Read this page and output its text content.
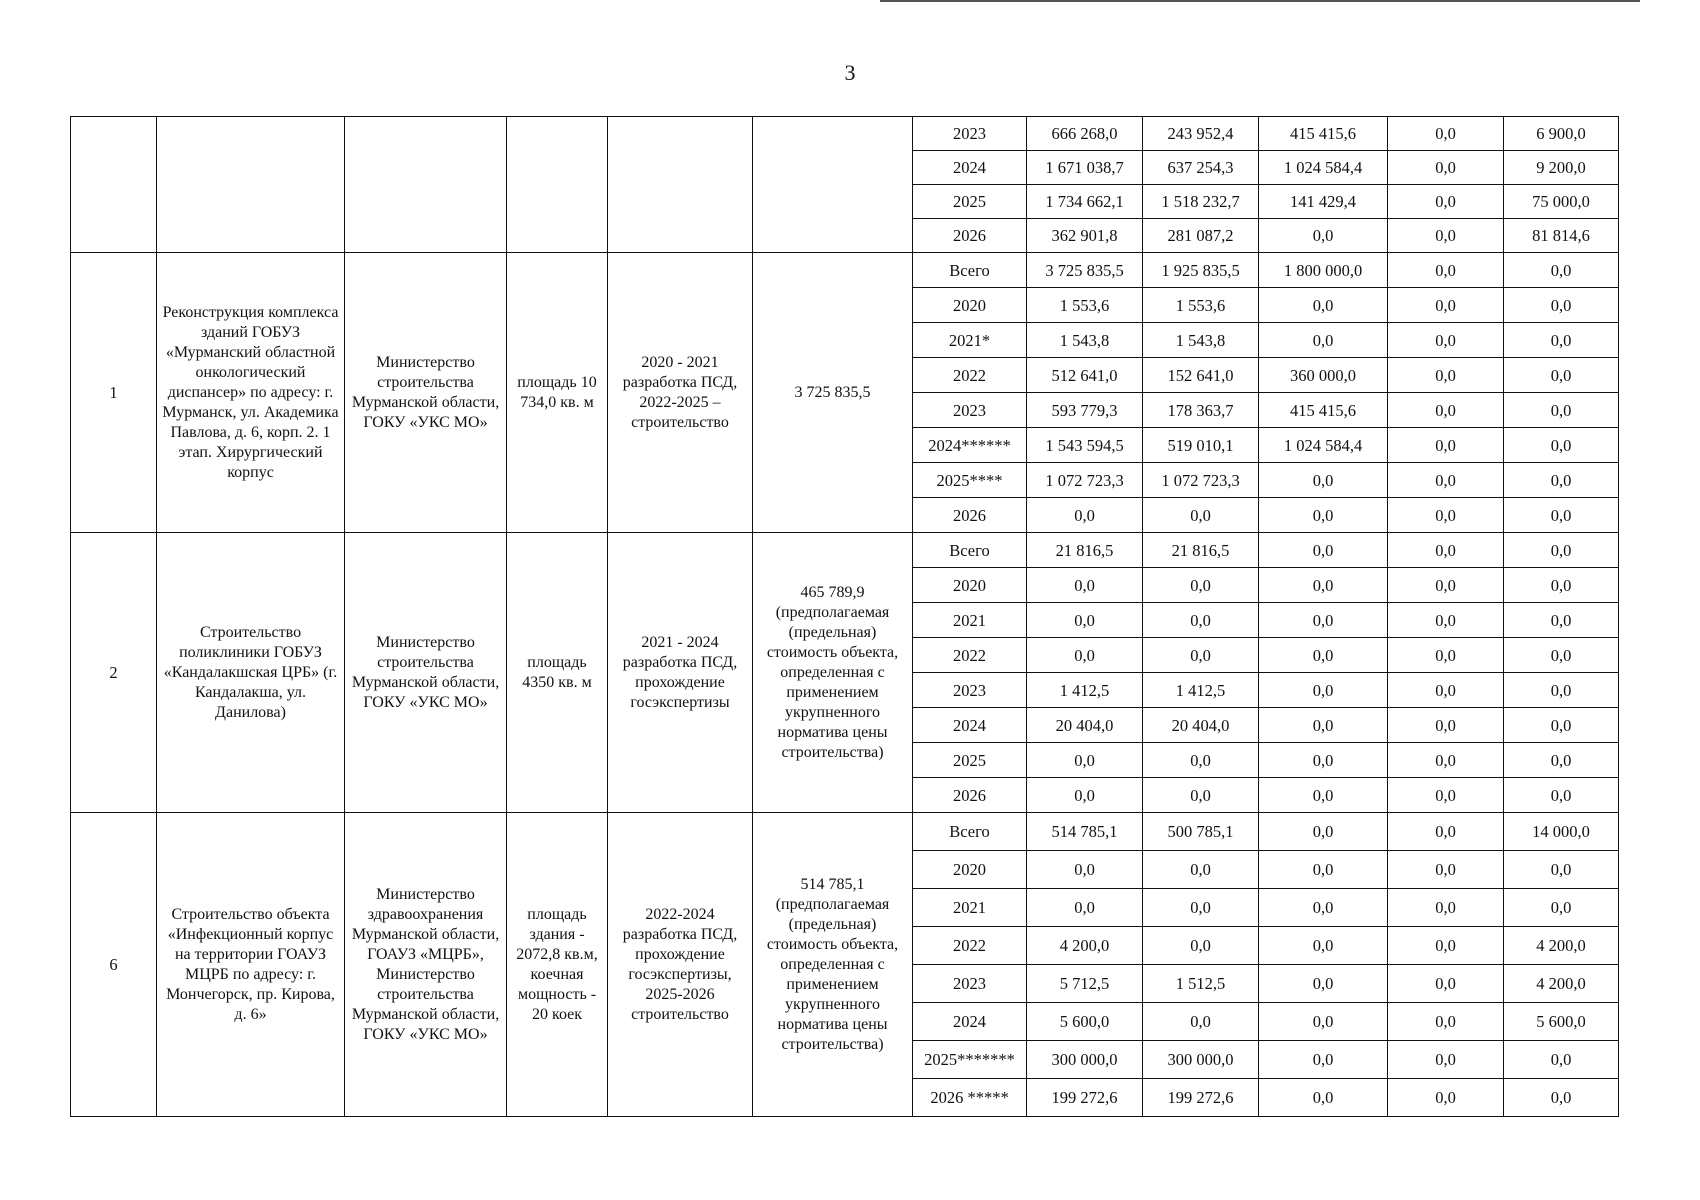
3
						2023	666 268,0	243 952,4	415 415,6	0,0	6 900,0
						2024	1 671 038,7	637 254,3	1 024 584,4	0,0	9 200,0
						2025	1 734 662,1	1 518 232,7	141 429,4	0,0	75 000,0
						2026	362 901,8	281 087,2	0,0	0,0	81 814,6
1	Реконструкция комплекса зданий ГОБУЗ «Мурманский областной онкологический диспансер» по адресу: г. Мурманск, ул. Академика Павлова, д. 6, корп. 2. 1 этап. Хирургический корпус	Министерство строительства Мурманской области, ГОКУ «УКС МО»	площадь 10 734,0 кв. м	2020 - 2021 разработка ПСД, 2022-2025 – строительство	3 725 835,5	Всего	3 725 835,5	1 925 835,5	1 800 000,0	0,0	0,0
						2020	1 553,6	1 553,6	0,0	0,0	0,0
						2021*	1 543,8	1 543,8	0,0	0,0	0,0
						2022	512 641,0	152 641,0	360 000,0	0,0	0,0
						2023	593 779,3	178 363,7	415 415,6	0,0	0,0
						2024******	1 543 594,5	519 010,1	1 024 584,4	0,0	0,0
						2025****	1 072 723,3	1 072 723,3	0,0	0,0	0,0
						2026	0,0	0,0	0,0	0,0	0,0
2	Строительство поликлиники ГОБУЗ «Кандалакшская ЦРБ» (г. Кандалакша, ул. Данилова)	Министерство строительства Мурманской области, ГОКУ «УКС МО»	площадь 4350 кв. м	2021 - 2024 разработка ПСД, прохождение госэкспертизы	465 789,9 (предполагаемая (предельная) стоимость объекта, определенная с применением укрупненного норматива цены строительства)	Всего	21 816,5	21 816,5	0,0	0,0	0,0
						2020	0,0	0,0	0,0	0,0	0,0
						2021	0,0	0,0	0,0	0,0	0,0
						2022	0,0	0,0	0,0	0,0	0,0
						2023	1 412,5	1 412,5	0,0	0,0	0,0
						2024	20 404,0	20 404,0	0,0	0,0	0,0
						2025	0,0	0,0	0,0	0,0	0,0
						2026	0,0	0,0	0,0	0,0	0,0
6	Строительство объекта «Инфекционный корпус на территории ГОАУЗ МЦРБ по адресу: г. Мончегорск, пр. Кирова, д. 6»	Министерство здравоохранения Мурманской области, ГОАУЗ «МЦРБ», Министерство строительства Мурманской области, ГОКУ «УКС МО»	площадь здания - 2072,8 кв.м, коечная мощность - 20 коек	2022-2024 разработка ПСД, прохождение госэкспертизы, 2025-2026 строительство	514 785,1 (предполагаемая (предельная) стоимость объекта, определенная с применением укрупненного норматива цены строительства)	Всего	514 785,1	500 785,1	0,0	0,0	14 000,0
						2020	0,0	0,0	0,0	0,0	0,0
						2021	0,0	0,0	0,0	0,0	0,0
						2022	4 200,0	0,0	0,0	0,0	4 200,0
						2023	5 712,5	1 512,5	0,0	0,0	4 200,0
						2024	5 600,0	0,0	0,0	0,0	5 600,0
						2025*******	300 000,0	300 000,0	0,0	0,0	0,0
						2026 *****	199 272,6	199 272,6	0,0	0,0	0,0
